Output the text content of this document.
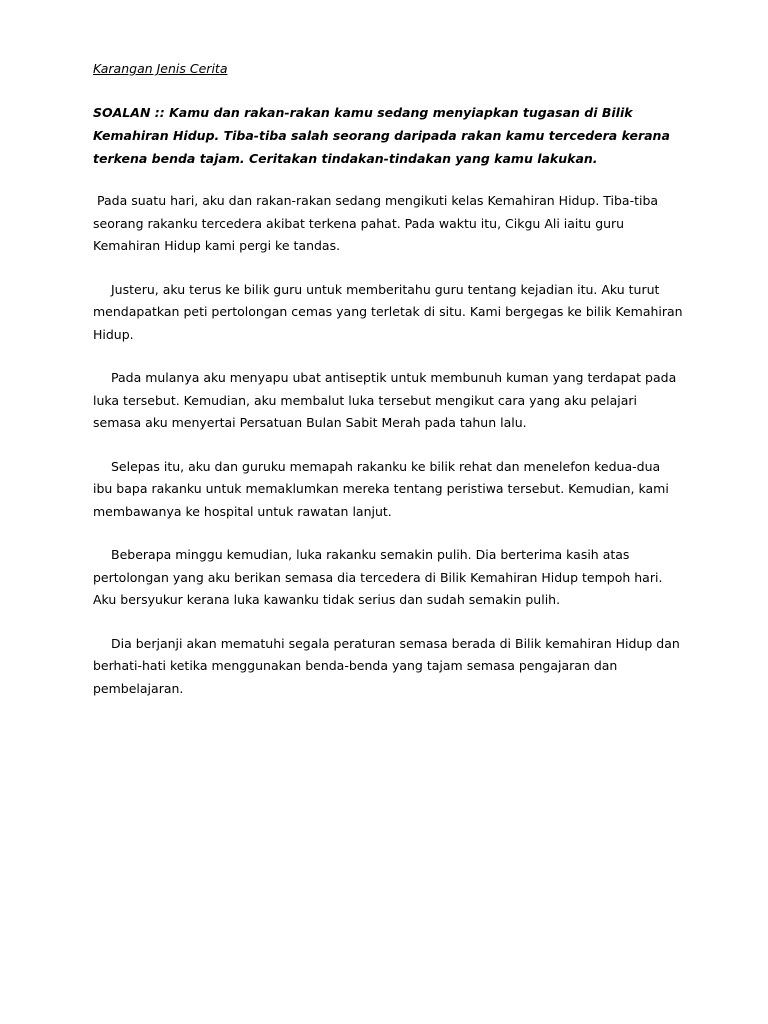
Karangan Jenis Cerita
SOALAN :: Kamu dan rakan-rakan kamu sedang menyiapkan tugasan di Bilik Kemahiran Hidup. Tiba-tiba salah seorang daripada rakan kamu tercedera kerana terkena benda tajam. Ceritakan tindakan-tindakan yang kamu lakukan.
Pada suatu hari, aku dan rakan-rakan sedang mengikuti kelas Kemahiran Hidup. Tiba-tiba seorang rakanku tercedera akibat terkena pahat. Pada waktu itu, Cikgu Ali iaitu guru Kemahiran Hidup kami pergi ke tandas.
Justeru, aku terus ke bilik guru untuk memberitahu guru tentang kejadian itu. Aku turut mendapatkan peti pertolongan cemas yang terletak di situ. Kami bergegas ke bilik Kemahiran Hidup.
Pada mulanya aku menyapu ubat antiseptik untuk membunuh kuman yang terdapat pada luka tersebut. Kemudian, aku membalut luka tersebut mengikut cara yang aku pelajari semasa aku menyertai Persatuan Bulan Sabit Merah pada tahun lalu.
Selepas itu, aku dan guruku memapah rakanku ke bilik rehat dan menelefon kedua-dua ibu bapa rakanku untuk memaklumkan mereka tentang peristiwa tersebut. Kemudian, kami membawanya ke hospital untuk rawatan lanjut.
Beberapa minggu kemudian, luka rakanku semakin pulih. Dia berterima kasih atas pertolongan yang aku berikan semasa dia tercedera di Bilik Kemahiran Hidup tempoh hari. Aku bersyukur kerana luka kawanku tidak serius dan sudah semakin pulih.
Dia berjanji akan mematuhi segala peraturan semasa berada di Bilik kemahiran Hidup dan berhati-hati ketika menggunakan benda-benda yang tajam semasa pengajaran dan pembelajaran.
